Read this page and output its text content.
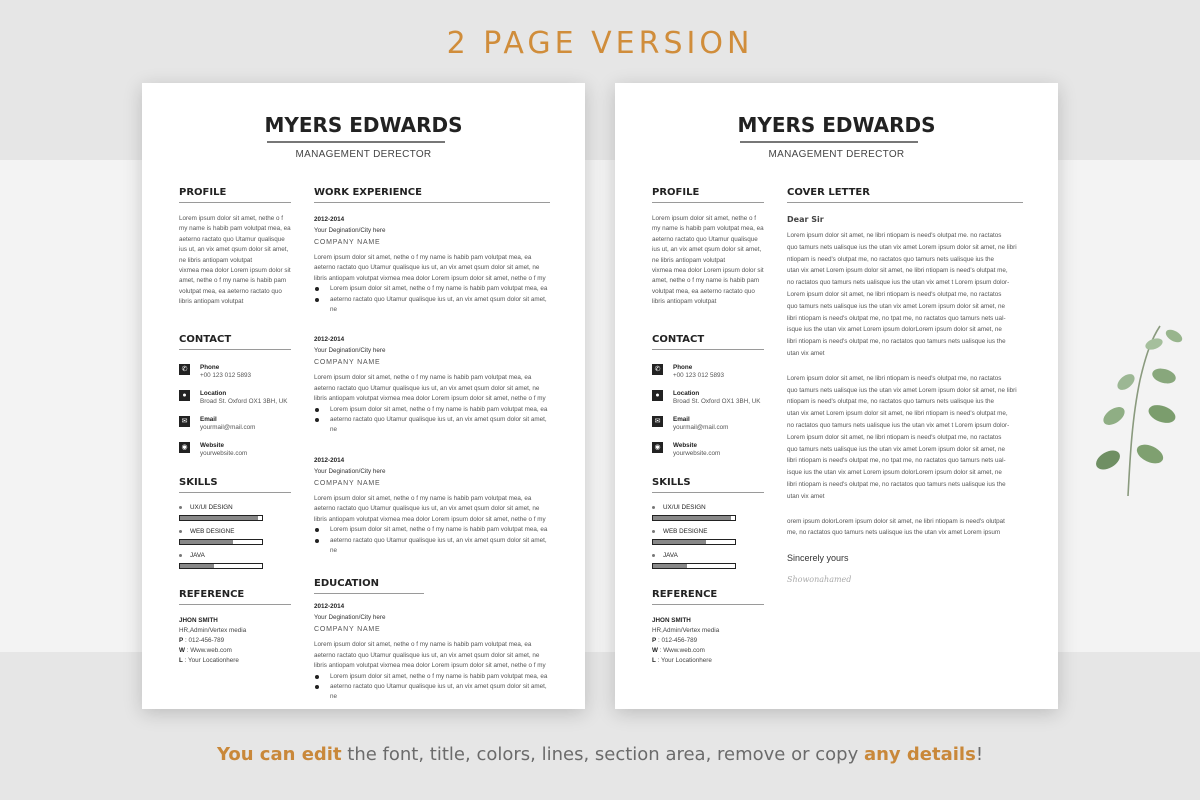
2 PAGE VERSION
MYERS EDWARDS
MANAGEMENT DERECTOR
PROFILE
Lorem ipsum dolor sit amet, nethe o f
my name is habib pam volutpat mea, ea
aeterno ractato quo Utamur qualisque
ius ut, an vix amet qsum dolor sit amet,
ne libris antiopam volutpat
vixmea mea dolor Lorem ipsum dolor sit
amet, nethe o f my name is habib pam
volutpat mea, ea aeterno ractato quo
libris antiopam volutpat
CONTACT
✆	Phone
+00 123 012 5893
●	Location
Broad St. Oxford OX1 3BH, UK
✉	Email
yourmail@mail.com
◉	Website
yourwebsite.com
SKILLS
UX/UI DESIGN
WEB DESIGNE
JAVA
REFERENCE
JHON SMITH
HR,Admin/Vertex media
P : 012-456-789
W : Www.web.com
L : Your Locationhere
WORK EXPERIENCE
2012-2014
Your Degination/City here
COMPANY NAME
Lorem ipsum dolor sit amet, nethe o f my name is habib pam volutpat mea, ea
aeterno ractato quo Utamur qualisque ius ut, an vix amet qsum dolor sit amet, ne
libris antiopam volutpat vixmea mea dolor Lorem ipsum dolor sit amet, nethe o f my
Lorem ipsum dolor sit amet, nethe o f my name is habib pam volutpat mea, ea
aeterno ractato quo Utamur qualisque ius ut, an vix amet qsum dolor sit amet, ne
2012-2014
Your Degination/City here
COMPANY NAME
Lorem ipsum dolor sit amet, nethe o f my name is habib pam volutpat mea, ea
aeterno ractato quo Utamur qualisque ius ut, an vix amet qsum dolor sit amet, ne
libris antiopam volutpat vixmea mea dolor Lorem ipsum dolor sit amet, nethe o f my
Lorem ipsum dolor sit amet, nethe o f my name is habib pam volutpat mea, ea
aeterno ractato quo Utamur qualisque ius ut, an vix amet qsum dolor sit amet, ne
2012-2014
Your Degination/City here
COMPANY NAME
Lorem ipsum dolor sit amet, nethe o f my name is habib pam volutpat mea, ea
aeterno ractato quo Utamur qualisque ius ut, an vix amet qsum dolor sit amet, ne
libris antiopam volutpat vixmea mea dolor Lorem ipsum dolor sit amet, nethe o f my
Lorem ipsum dolor sit amet, nethe o f my name is habib pam volutpat mea, ea
aeterno ractato quo Utamur qualisque ius ut, an vix amet qsum dolor sit amet, ne
EDUCATION
2012-2014
Your Degination/City here
COMPANY NAME
Lorem ipsum dolor sit amet, nethe o f my name is habib pam volutpat mea, ea
aeterno ractato quo Utamur qualisque ius ut, an vix amet qsum dolor sit amet, ne
libris antiopam volutpat vixmea mea dolor Lorem ipsum dolor sit amet, nethe o f my
Lorem ipsum dolor sit amet, nethe o f my name is habib pam volutpat mea, ea
aeterno ractato quo Utamur qualisque ius ut, an vix amet qsum dolor sit amet, ne
MYERS EDWARDS
MANAGEMENT DERECTOR
PROFILE
Lorem ipsum dolor sit amet, nethe o f
my name is habib pam volutpat mea, ea
aeterno ractato quo Utamur qualisque
ius ut, an vix amet qsum dolor sit amet,
ne libris antiopam volutpat
vixmea mea dolor Lorem ipsum dolor sit
amet, nethe o f my name is habib pam
volutpat mea, ea aeterno ractato quo
libris antiopam volutpat
CONTACT
✆	Phone
+00 123 012 5893
●	Location
Broad St. Oxford OX1 3BH, UK
✉	Email
yourmail@mail.com
◉	Website
yourwebsite.com
SKILLS
UX/UI DESIGN
WEB DESIGNE
JAVA
REFERENCE
JHON SMITH
HR,Admin/Vertex media
P : 012-456-789
W : Www.web.com
L : Your Locationhere
COVER LETTER
Dear Sir
Lorem ipsum dolor sit amet, ne libri ntiopam is need's olutpat me. no ractatos
quo tamurs nets ualisque ius the utan vix amet Lorem ipsum dolor sit amet, ne libri
ntiopam is need's olutpat me, no ractatos quo tamurs nets ualisque ius the
utan vix amet Lorem ipsum dolor sit amet, ne libri ntiopam is need's olutpat me,
no ractatos quo tamurs nets ualisque ius the utan vix amet t Lorem ipsum dolor-
Lorem ipsum dolor sit amet, ne libri ntiopam is need's olutpat me, no ractatos
quo tamurs nets ualisque ius the utan vix amet Lorem ipsum dolor sit amet, ne
libri ntiopam is need's olutpat me, no tpat me, no ractatos quo tamurs nets ual-
isque ius the utan vix amet Lorem ipsum dolorLorem ipsum dolor sit amet, ne
libri ntiopam is need's olutpat me, no ractatos quo tamurs nets ualisque ius the
utan vix amet
Lorem ipsum dolor sit amet, ne libri ntiopam is need's olutpat me, no ractatos
quo tamurs nets ualisque ius the utan vix amet Lorem ipsum dolor sit amet, ne libri
ntiopam is need's olutpat me, no ractatos quo tamurs nets ualisque ius the
utan vix amet Lorem ipsum dolor sit amet, ne libri ntiopam is need's olutpat me,
no ractatos quo tamurs nets ualisque ius the utan vix amet t Lorem ipsum dolor-
Lorem ipsum dolor sit amet, ne libri ntiopam is need's olutpat me, no ractatos
quo tamurs nets ualisque ius the utan vix amet Lorem ipsum dolor sit amet, ne
libri ntiopam is need's olutpat me, no tpat me, no ractatos quo tamurs nets ual-
isque ius the utan vix amet Lorem ipsum dolorLorem ipsum dolor sit amet, ne
libri ntiopam is need's olutpat me, no ractatos quo tamurs nets ualisque ius the
utan vix amet
orem ipsum dolorLorem ipsum dolor sit amet, ne libri ntiopam is need's olutpat
me, no ractatos quo tamurs nets ualisque ius the utan vix amet Lorem ipsum
Sincerely yours
Showonahamed
You can edit the font, title, colors, lines, section area, remove or copy any details!
